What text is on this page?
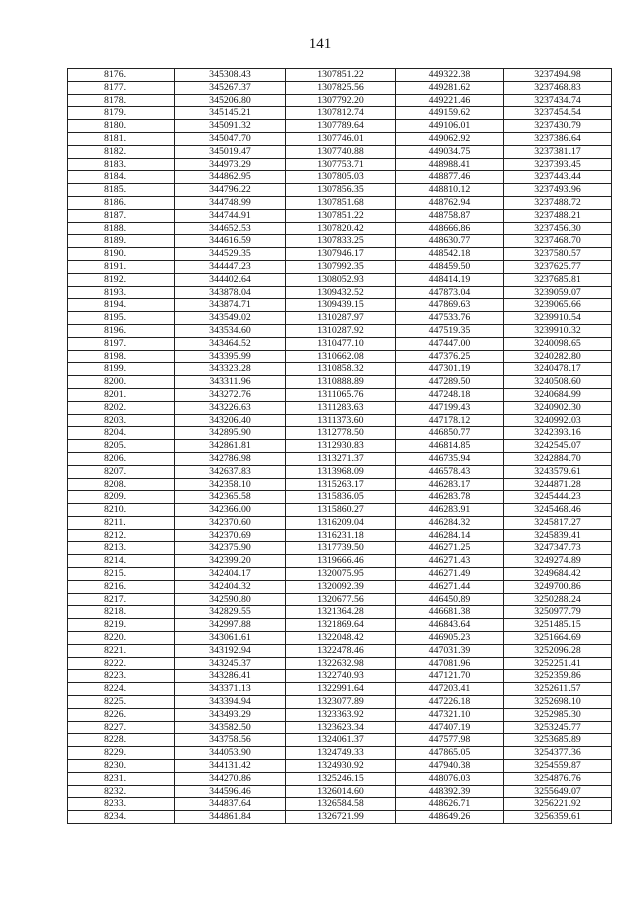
141
8176.	345308.43	1307851.22	449322.38	3237494.98
8177.	345267.37	1307825.56	449281.62	3237468.83
8178.	345206.80	1307792.20	449221.46	3237434.74
8179.	345145.21	1307812.74	449159.62	3237454.54
8180.	345091.32	1307789.64	449106.01	3237430.79
8181.	345047.70	1307746.01	449062.92	3237386.64
8182.	345019.47	1307740.88	449034.75	3237381.17
8183.	344973.29	1307753.71	448988.41	3237393.45
8184.	344862.95	1307805.03	448877.46	3237443.44
8185.	344796.22	1307856.35	448810.12	3237493.96
8186.	344748.99	1307851.68	448762.94	3237488.72
8187.	344744.91	1307851.22	448758.87	3237488.21
8188.	344652.53	1307820.42	448666.86	3237456.30
8189.	344616.59	1307833.25	448630.77	3237468.70
8190.	344529.35	1307946.17	448542.18	3237580.57
8191.	344447.23	1307992.35	448459.50	3237625.77
8192.	344402.64	1308052.93	448414.19	3237685.81
8193.	343878.04	1309432.52	447873.04	3239059.07
8194.	343874.71	1309439.15	447869.63	3239065.66
8195.	343549.02	1310287.97	447533.76	3239910.54
8196.	343534.60	1310287.92	447519.35	3239910.32
8197.	343464.52	1310477.10	447447.00	3240098.65
8198.	343395.99	1310662.08	447376.25	3240282.80
8199.	343323.28	1310858.32	447301.19	3240478.17
8200.	343311.96	1310888.89	447289.50	3240508.60
8201.	343272.76	1311065.76	447248.18	3240684.99
8202.	343226.63	1311283.63	447199.43	3240902.30
8203.	343206.40	1311373.60	447178.12	3240992.03
8204.	342895.90	1312778.50	446850.77	3242393.16
8205.	342861.81	1312930.83	446814.85	3242545.07
8206.	342786.98	1313271.37	446735.94	3242884.70
8207.	342637.83	1313968.09	446578.43	3243579.61
8208.	342358.10	1315263.17	446283.17	3244871.28
8209.	342365.58	1315836.05	446283.78	3245444.23
8210.	342366.00	1315860.27	446283.91	3245468.46
8211.	342370.60	1316209.04	446284.32	3245817.27
8212.	342370.69	1316231.18	446284.14	3245839.41
8213.	342375.90	1317739.50	446271.25	3247347.73
8214.	342399.20	1319666.46	446271.43	3249274.89
8215.	342404.17	1320075.95	446271.49	3249684.42
8216.	342404.32	1320092.39	446271.44	3249700.86
8217.	342590.80	1320677.56	446450.89	3250288.24
8218.	342829.55	1321364.28	446681.38	3250977.79
8219.	342997.88	1321869.64	446843.64	3251485.15
8220.	343061.61	1322048.42	446905.23	3251664.69
8221.	343192.94	1322478.46	447031.39	3252096.28
8222.	343245.37	1322632.98	447081.96	3252251.41
8223.	343286.41	1322740.93	447121.70	3252359.86
8224.	343371.13	1322991.64	447203.41	3252611.57
8225.	343394.94	1323077.89	447226.18	3252698.10
8226.	343493.29	1323363.92	447321.10	3252985.30
8227.	343582.50	1323623.34	447407.19	3253245.77
8228.	343758.56	1324061.37	447577.98	3253685.89
8229.	344053.90	1324749.33	447865.05	3254377.36
8230.	344131.42	1324930.92	447940.38	3254559.87
8231.	344270.86	1325246.15	448076.03	3254876.76
8232.	344596.46	1326014.60	448392.39	3255649.07
8233.	344837.64	1326584.58	448626.71	3256221.92
8234.	344861.84	1326721.99	448649.26	3256359.61
